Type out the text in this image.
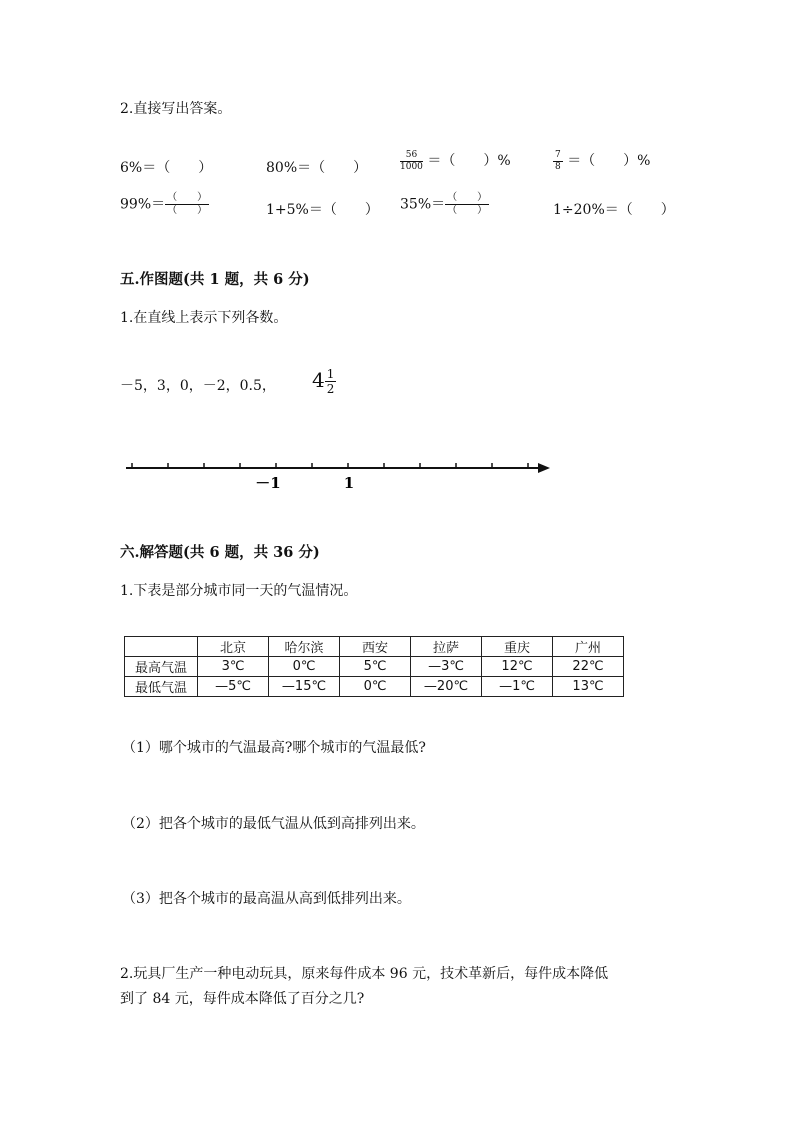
2.直接写出答案。
6%＝（　　）	80%＝（　　）	$\frac{56}{1000}$ ＝（　　）%	$\frac{7}{8}$ ＝（　　）%
$99\%= \frac{( )}{( )}$	1+5%＝（　　） $35\%= \frac{( )}{( )}$	1÷20%＝（　　）
五.作图题(共 1 题，共 6 分)
1.在直线上表示下列各数。
－5，3，0，－2，0.5， $4 \frac{1}{2}$
－1	1
六.解答题(共 6 题，共 36 分)
1.下表是部分城市同一天的气温情况。
	北京	哈尔滨	西安	拉萨	重庆	广州
最高气温	3℃	0℃	5℃	—3℃	12℃	22℃
最低气温	—5℃	—15℃	0℃	—20℃	—1℃	13℃
（1）哪个城市的气温最高?哪个城市的气温最低?
（2）把各个城市的最低气温从低到高排列出来。
（3）把各个城市的最高温从高到低排列出来。
2.玩具厂生产一种电动玩具，原来每件成本 96 元，技术革新后，每件成本降低
到了 84 元，每件成本降低了百分之几?
